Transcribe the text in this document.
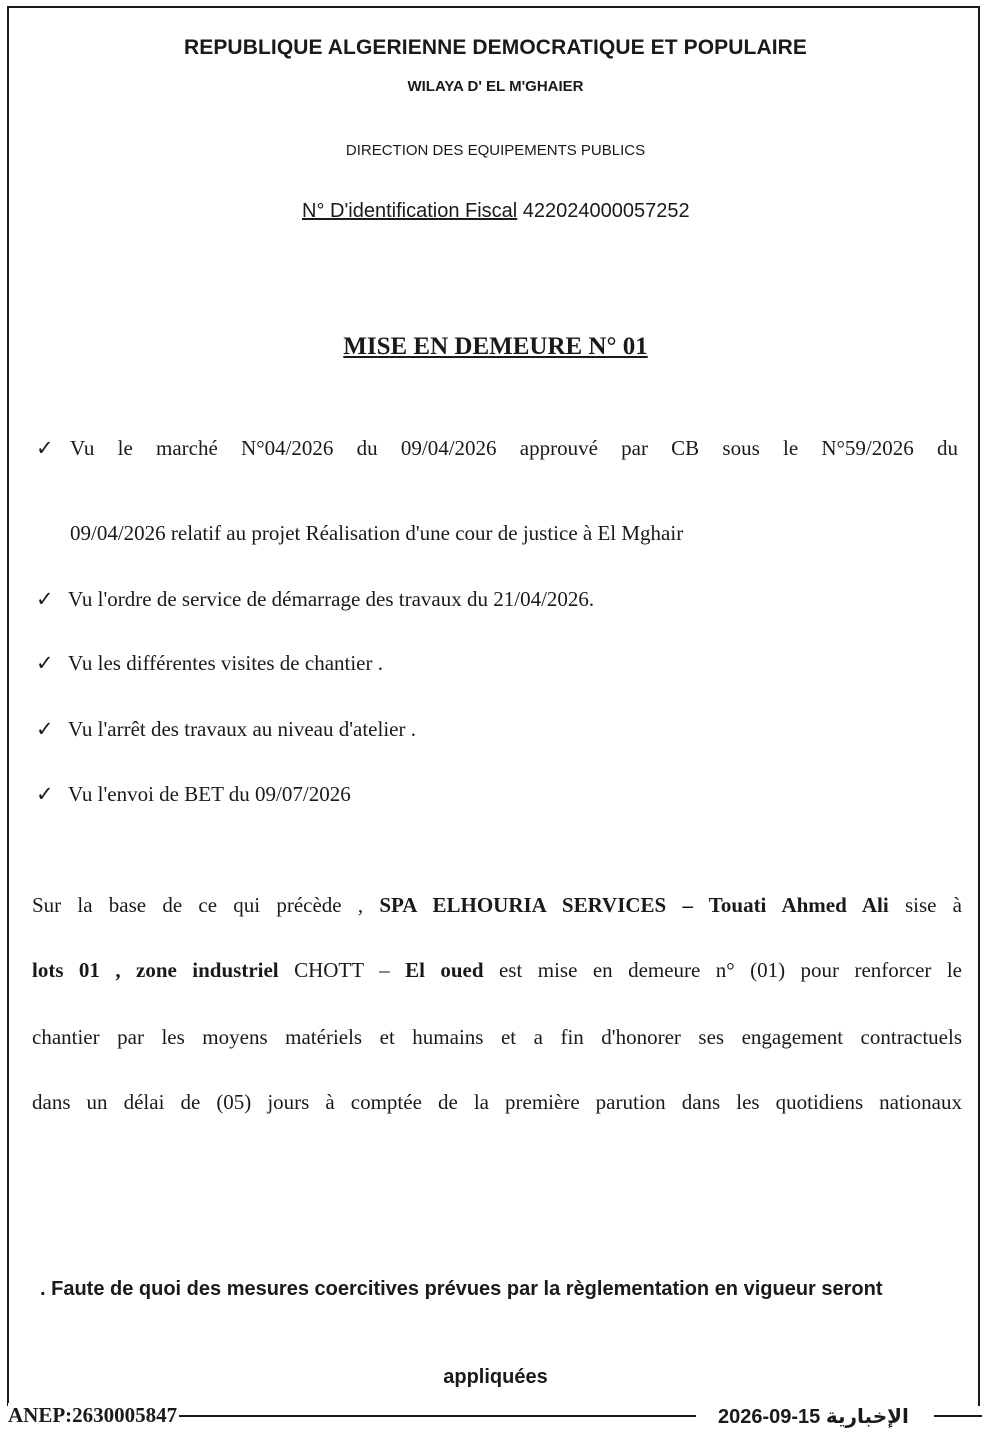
REPUBLIQUE ALGERIENNE DEMOCRATIQUE ET POPULAIRE
WILAYA D' EL M'GHAIER
DIRECTION DES EQUIPEMENTS PUBLICS
N° D'identification Fiscal 422024000057252
MISE EN DEMEURE N° 01
✓ Vu le marché N°04/2026 du 09/04/2026 approuvé par CB sous le N°59/2026 du
09/04/2026 relatif au projet Réalisation d'une cour de justice à El Mghair
✓ Vu l'ordre de service de démarrage des travaux du 21/04/2026.
✓ Vu les différentes visites de chantier .
✓ Vu l'arrêt des travaux au niveau d'atelier .
✓ Vu l'envoi de BET du 09/07/2026
Sur la base de ce qui précède , SPA ELHOURIA SERVICES – Touati Ahmed Ali sise à
lots 01 , zone industriel CHOTT – El oued est mise en demeure n° (01) pour renforcer le
chantier par les moyens matériels et humains et a fin d'honorer ses engagement contractuels
dans un délai de (05) jours à comptée de la première parution dans les quotidiens nationaux
. Faute de quoi des mesures coercitives prévues par la règlementation en vigueur seront
appliquées
ANEP:2630005847	2026-09-15 الإخبارية
